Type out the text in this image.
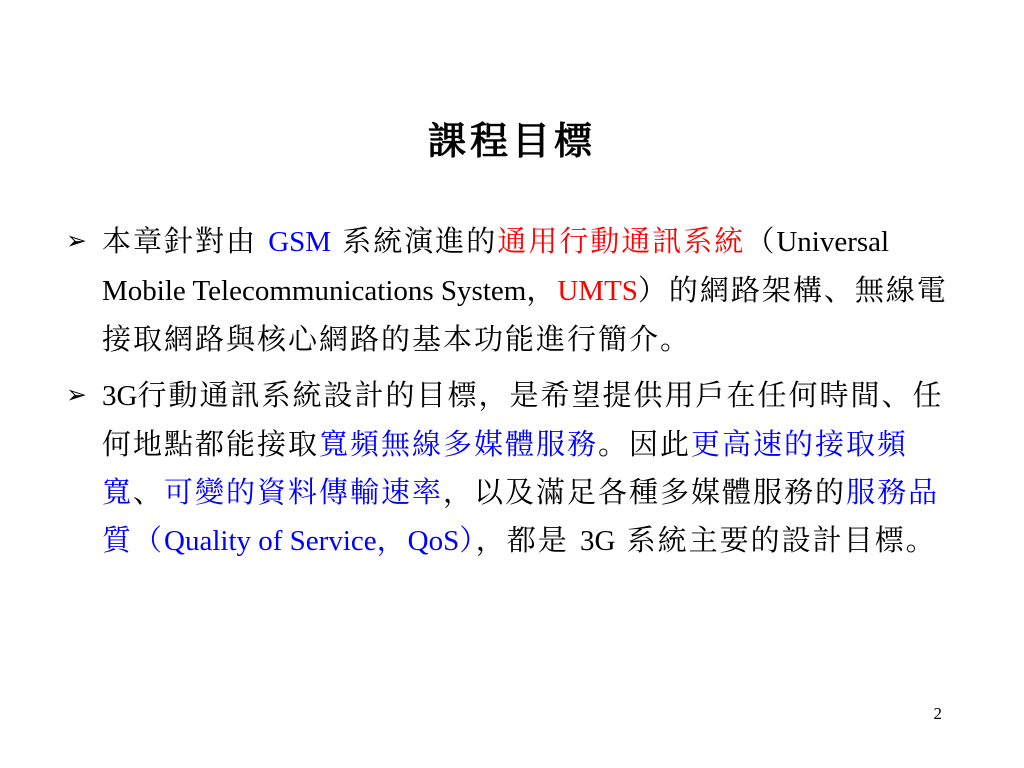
課程目標
➢ 本章針對由 GSM 系統演進的通用行動通訊系統（Universal Mobile Telecommunications System，UMTS）的網路架構、無線電接取網路與核心網路的基本功能進行簡介。
➢ 3G行動通訊系統設計的目標，是希望提供用戶在任何時間、任何地點都能接取寬頻無線多媒體服務。因此更高速的接取頻寬、可變的資料傳輸速率，以及滿足各種多媒體服務的服務品質（Quality of Service，QoS），都是 3G 系統主要的設計目標。
2
